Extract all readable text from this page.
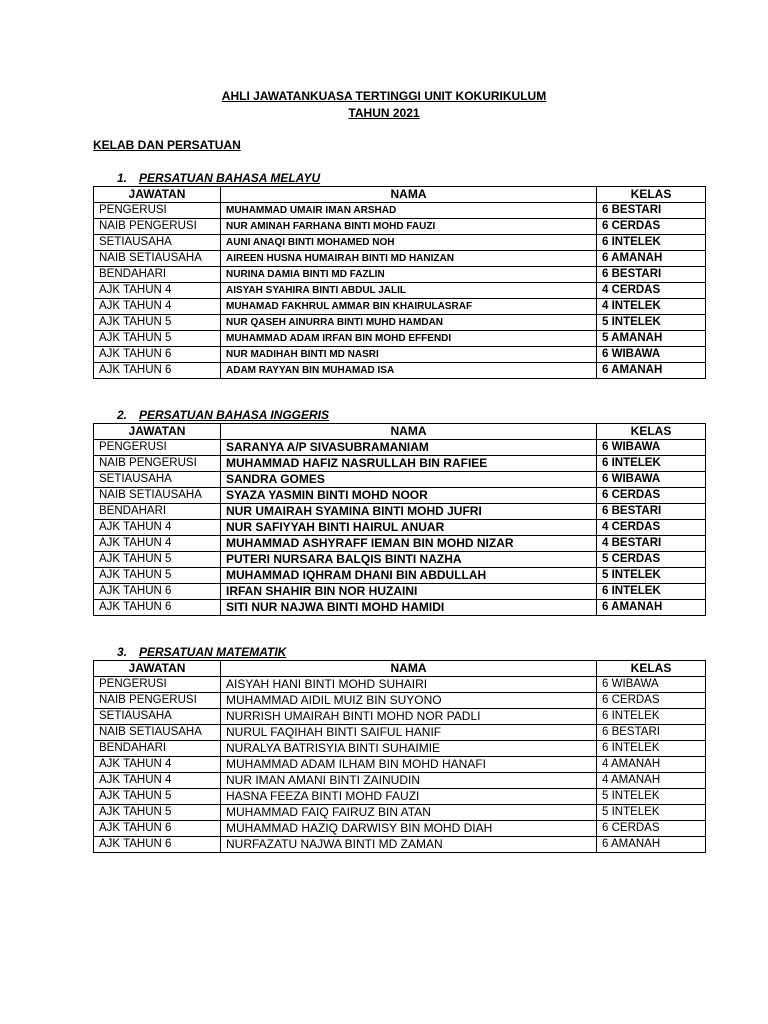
AHLI JAWATANKUASA TERTINGGI UNIT KOKURIKULUM
TAHUN 2021
KELAB DAN PERSATUAN
1. PERSATUAN BAHASA MELAYU
JAWATAN	NAMA	KELAS
PENGERUSI	MUHAMMAD UMAIR IMAN ARSHAD	6 BESTARI
NAIB PENGERUSI	NUR AMINAH FARHANA BINTI MOHD FAUZI	6 CERDAS
SETIAUSAHA	AUNI ANAQI BINTI MOHAMED NOH	6 INTELEK
NAIB SETIAUSAHA	AIREEN HUSNA HUMAIRAH BINTI MD HANIZAN	6 AMANAH
BENDAHARI	NURINA DAMIA BINTI MD FAZLIN	6 BESTARI
AJK TAHUN 4	AISYAH SYAHIRA BINTI ABDUL JALIL	4 CERDAS
AJK TAHUN 4	MUHAMAD FAKHRUL AMMAR BIN KHAIRULASRAF	4 INTELEK
AJK TAHUN 5	NUR QASEH AINURRA BINTI MUHD HAMDAN	5 INTELEK
AJK TAHUN 5	MUHAMMAD ADAM IRFAN BIN MOHD EFFENDI	5 AMANAH
AJK TAHUN 6	NUR MADIHAH BINTI MD NASRI	6 WIBAWA
AJK TAHUN 6	ADAM RAYYAN BIN MUHAMAD ISA	6 AMANAH
2. PERSATUAN BAHASA INGGERIS
JAWATAN	NAMA	KELAS
PENGERUSI	SARANYA A/P SIVASUBRAMANIAM	6 WIBAWA
NAIB PENGERUSI	MUHAMMAD HAFIZ NASRULLAH BIN RAFIEE	6 INTELEK
SETIAUSAHA	SANDRA GOMES	6 WIBAWA
NAIB SETIAUSAHA	SYAZA YASMIN BINTI MOHD NOOR	6 CERDAS
BENDAHARI	NUR UMAIRAH SYAMINA BINTI MOHD JUFRI	6 BESTARI
AJK TAHUN 4	NUR SAFIYYAH BINTI HAIRUL ANUAR	4 CERDAS
AJK TAHUN 4	MUHAMMAD ASHYRAFF IEMAN BIN MOHD NIZAR	4 BESTARI
AJK TAHUN 5	PUTERI NURSARA BALQIS BINTI NAZHA	5 CERDAS
AJK TAHUN 5	MUHAMMAD IQHRAM DHANI BIN ABDULLAH	5 INTELEK
AJK TAHUN 6	IRFAN SHAHIR BIN NOR HUZAINI	6 INTELEK
AJK TAHUN 6	SITI NUR NAJWA BINTI MOHD HAMIDI	6 AMANAH
3. PERSATUAN MATEMATIK
JAWATAN	NAMA	KELAS
PENGERUSI	AISYAH HANI BINTI MOHD SUHAIRI	6 WIBAWA
NAIB PENGERUSI	MUHAMMAD AIDIL MUIZ BIN SUYONO	6 CERDAS
SETIAUSAHA	NURRISH UMAIRAH BINTI MOHD NOR PADLI	6 INTELEK
NAIB SETIAUSAHA	NURUL FAQIHAH BINTI SAIFUL HANIF	6 BESTARI
BENDAHARI	NURALYA BATRISYIA BINTI SUHAIMIE	6 INTELEK
AJK TAHUN 4	MUHAMMAD ADAM ILHAM BIN MOHD HANAFI	4 AMANAH
AJK TAHUN 4	NUR IMAN AMANI BINTI ZAINUDIN	4 AMANAH
AJK TAHUN 5	HASNA FEEZA BINTI MOHD FAUZI	5 INTELEK
AJK TAHUN 5	MUHAMMAD FAIQ FAIRUZ BIN ATAN	5 INTELEK
AJK TAHUN 6	MUHAMMAD HAZIQ DARWISY BIN MOHD DIAH	6 CERDAS
AJK TAHUN 6	NURFAZATU NAJWA BINTI MD ZAMAN	6 AMANAH
